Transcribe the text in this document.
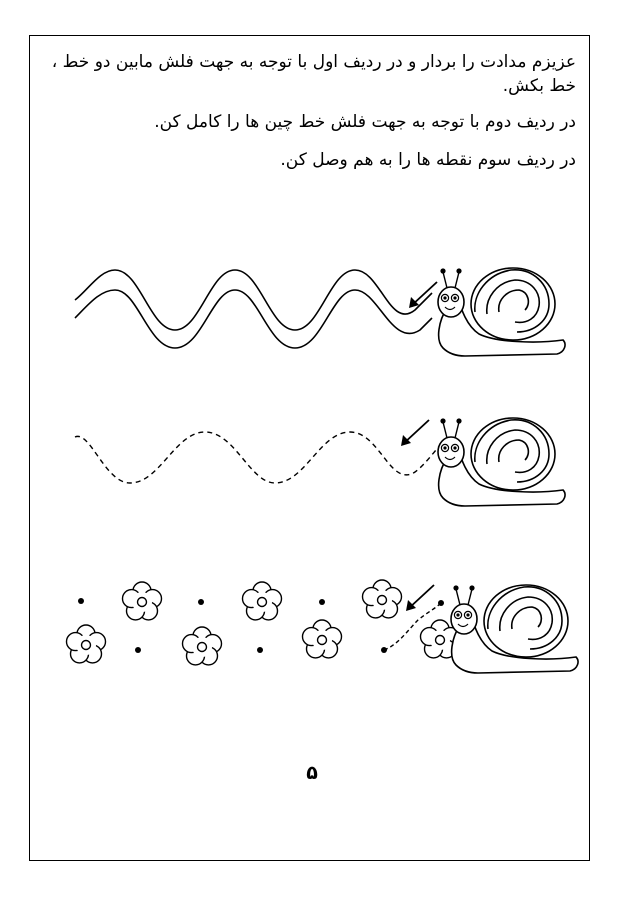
عزیزم مدادت را بردار و در ردیف اول با توجه به جهت فلش مابین دو خط ، خط بکش.

در ردیف دوم با توجه به جهت فلش خط چین ها را کامل کن.

در ردیف سوم نقطه ها را به هم وصل کن.

۵
